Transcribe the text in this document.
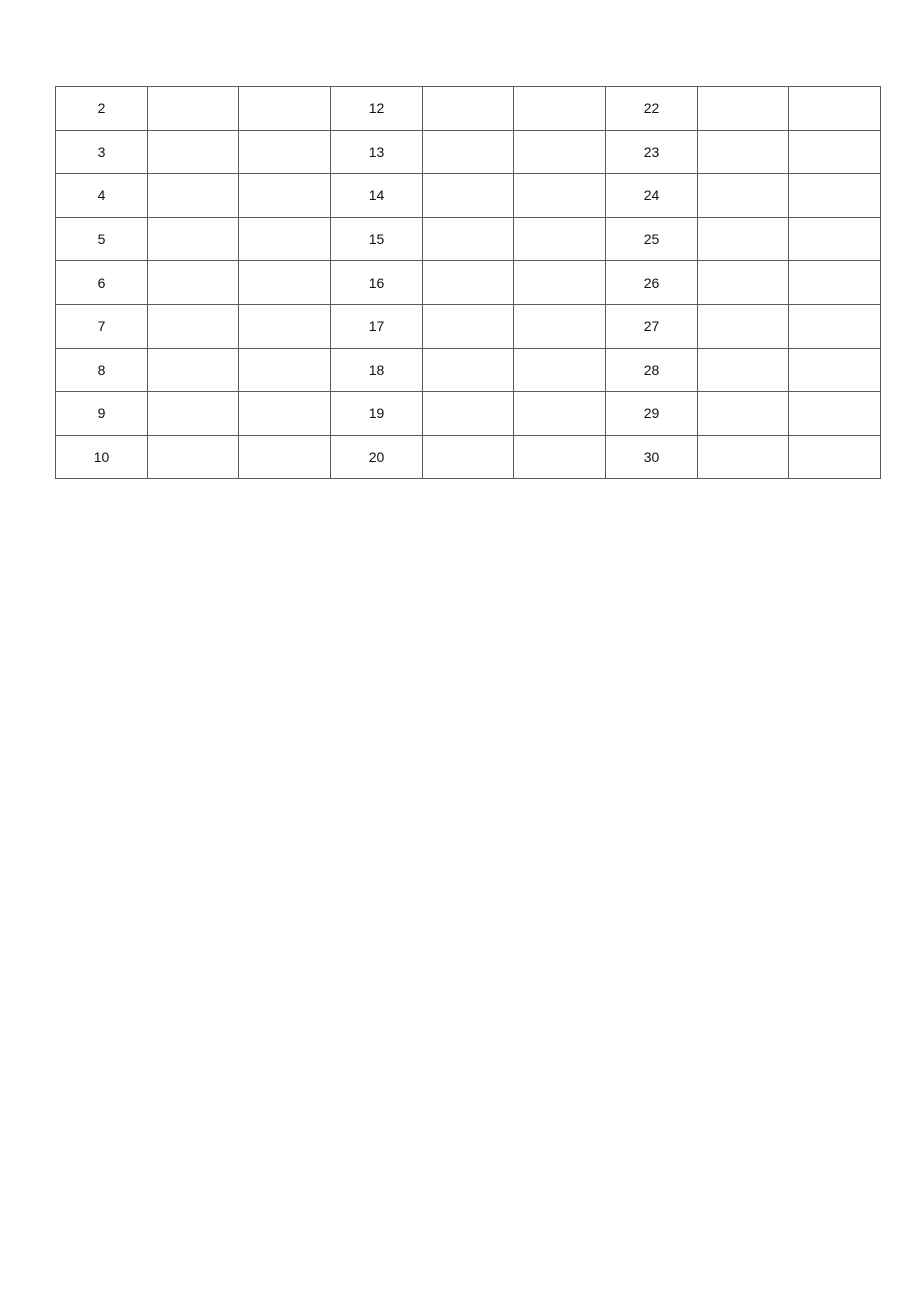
2			12			22		
3			13			23		
4			14			24		
5			15			25		
6			16			26		
7			17			27		
8			18			28		
9			19			29		
10			20			30		
